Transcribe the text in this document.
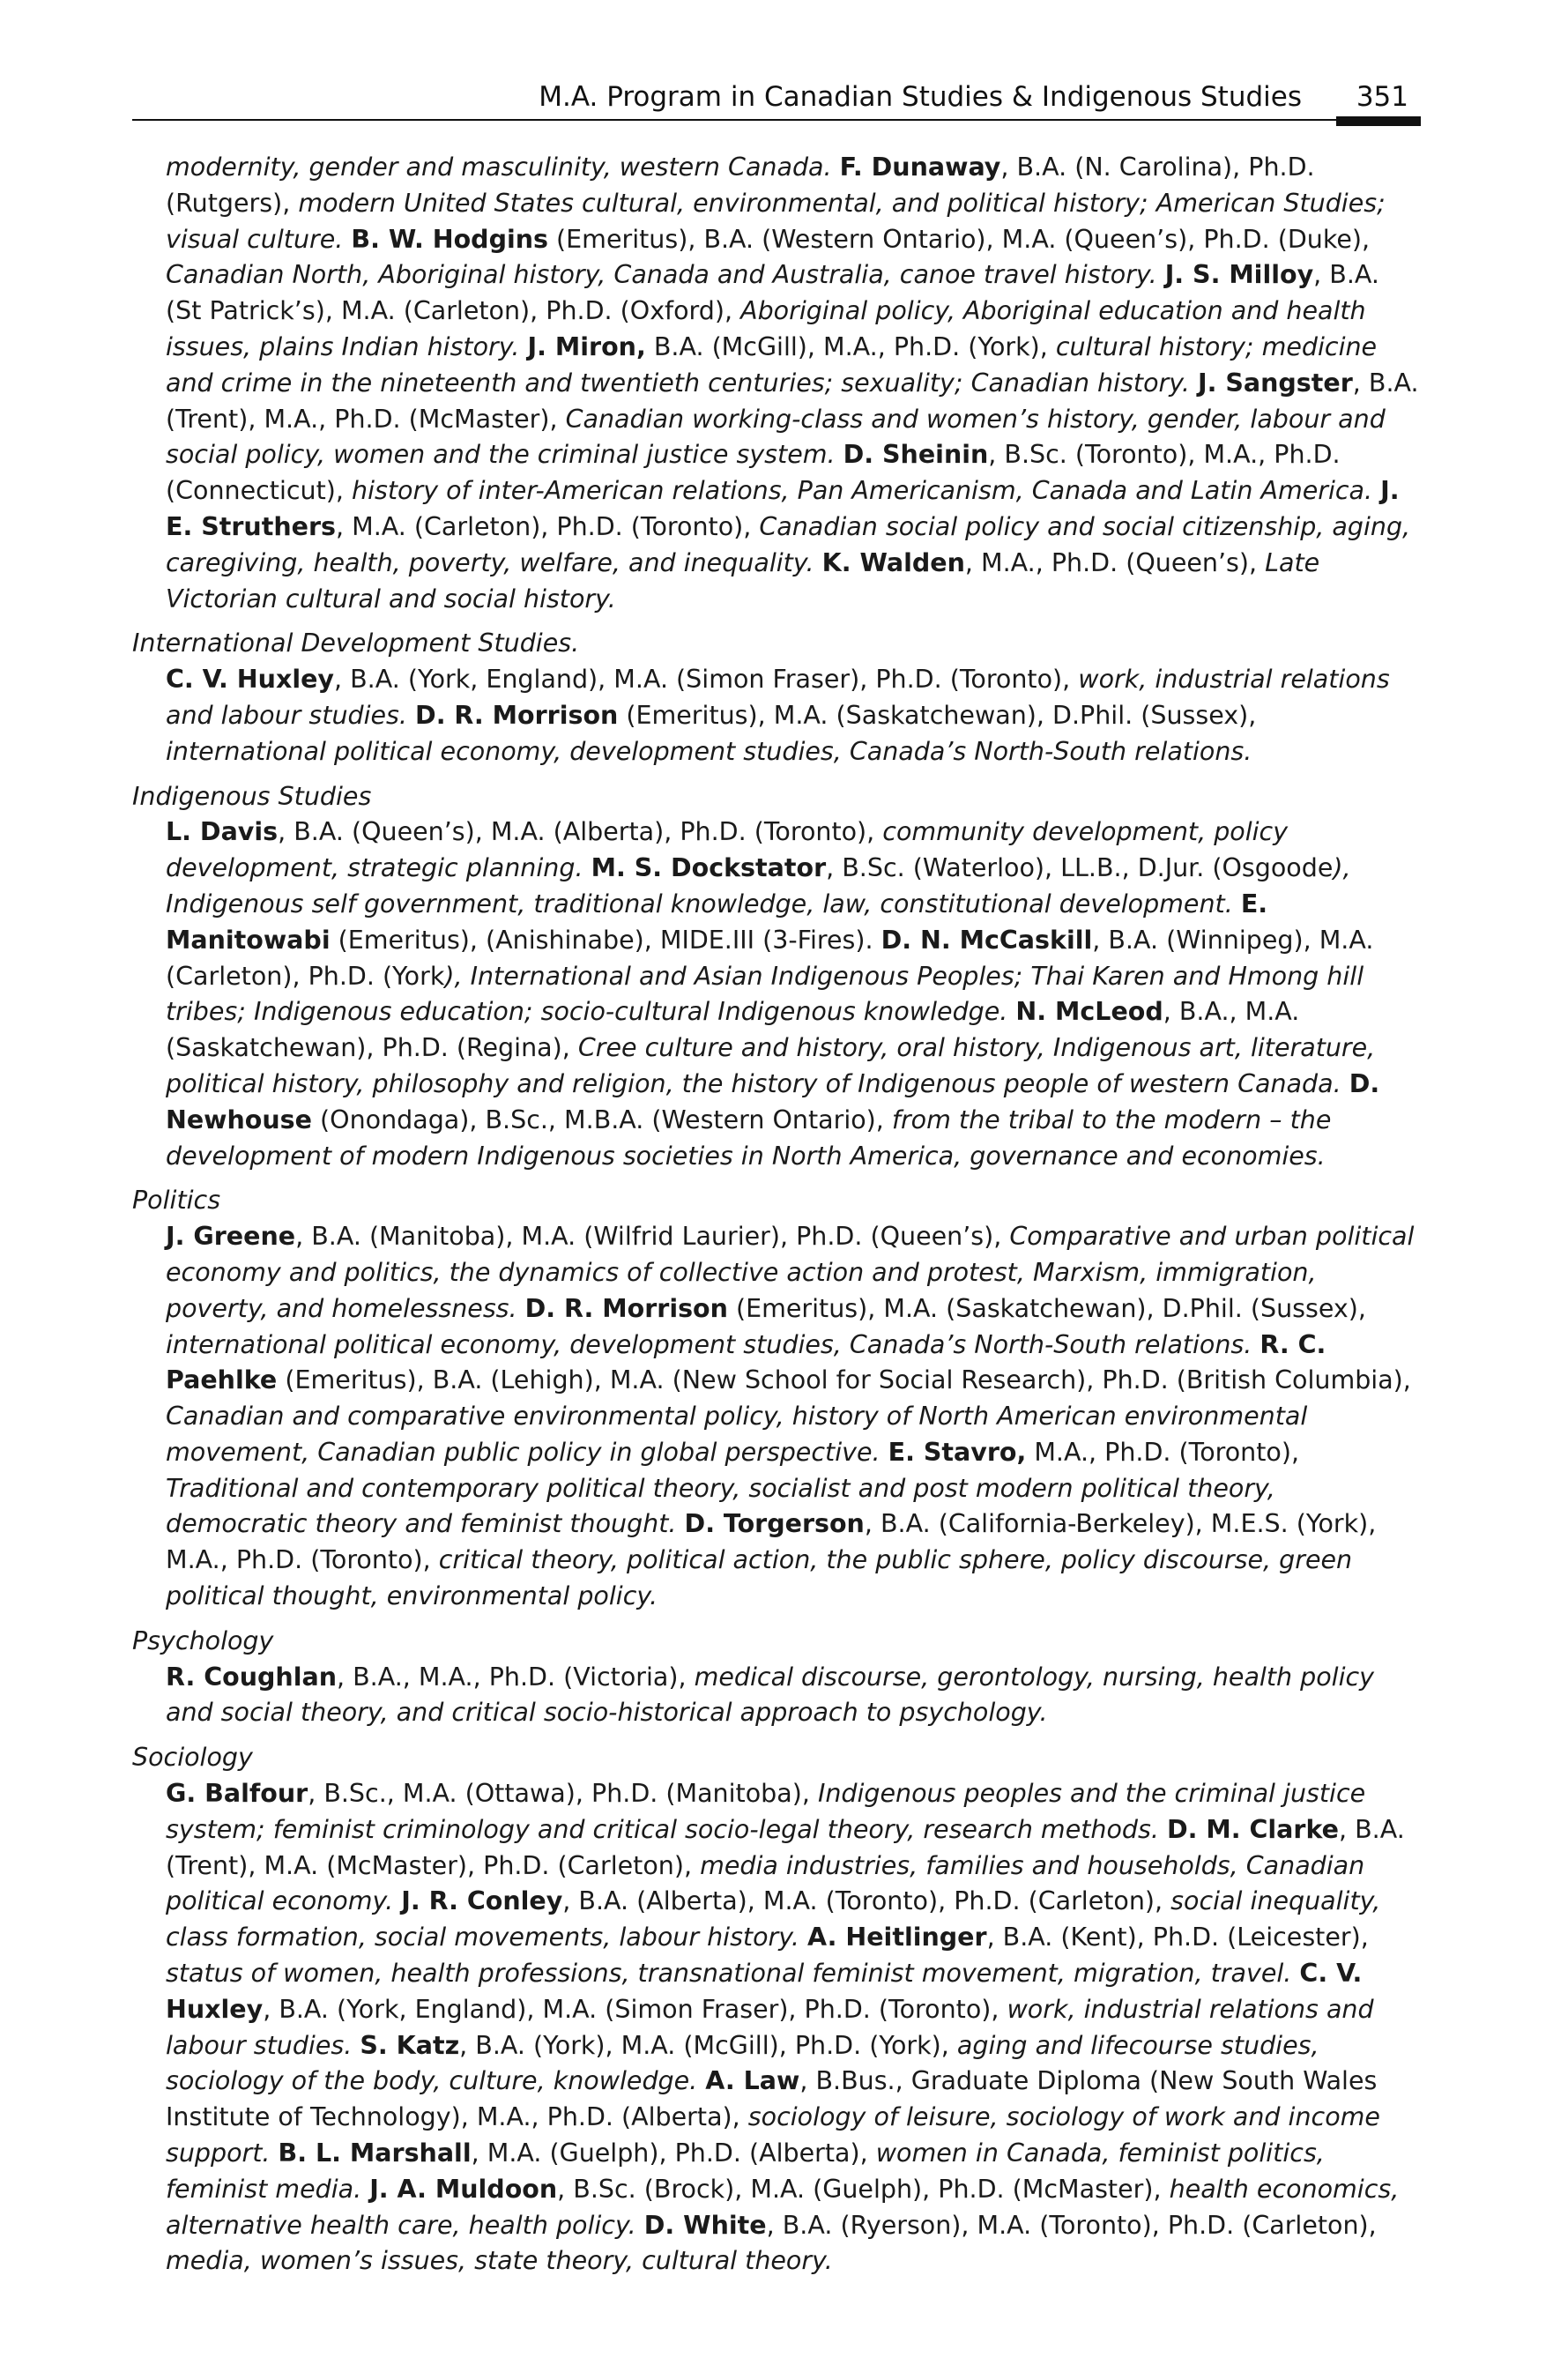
M.A. Program in Canadian Studies & Indigenous Studies 351

modernity, gender and masculinity, western Canada. F. Dunaway, B.A. (N. Carolina), Ph.D. (Rutgers), modern United States cultural, environmental, and political history; American Studies; visual culture. B. W. Hodgins (Emeritus), B.A. (Western Ontario), M.A. (Queen’s), Ph.D. (Duke), Canadian North, Aboriginal history, Canada and Australia, canoe travel history. J. S. Milloy, B.A. (St Patrick’s), M.A. (Carleton), Ph.D. (Oxford), Aboriginal policy, Aboriginal education and health issues, plains Indian history. J. Miron, B.A. (McGill), M.A., Ph.D. (York), cultural history; medicine and crime in the nineteenth and twentieth centuries; sexuality; Canadian history. J. Sangster, B.A. (Trent), M.A., Ph.D. (McMaster), Canadian working-class and women’s history, gender, labour and social policy, women and the criminal justice system. D. Sheinin, B.Sc. (Toronto), M.A., Ph.D. (Connecticut), history of inter-American relations, Pan Americanism, Canada and Latin America. J. E. Struthers, M.A. (Carleton), Ph.D. (Toronto), Canadian social policy and social citizenship, aging, caregiving, health, poverty, welfare, and inequality. K. Walden, M.A., Ph.D. (Queen’s), Late Victorian cultural and social history.

International Development Studies.

C. V. Huxley, B.A. (York, England), M.A. (Simon Fraser), Ph.D. (Toronto), work, industrial relations and labour studies. D. R. Morrison (Emeritus), M.A. (Saskatchewan), D.Phil. (Sussex), international political economy, development studies, Canada’s North-South relations.

Indigenous Studies

L. Davis, B.A. (Queen’s), M.A. (Alberta), Ph.D. (Toronto), community development, policy development, strategic planning. M. S. Dockstator, B.Sc. (Waterloo), LL.B., D.Jur. (Osgoode), Indigenous self government, traditional knowledge, law, constitutional development. E. Manitowabi (Emeritus), (Anishinabe), MIDE.III (3-Fires). D. N. McCaskill, B.A. (Winnipeg), M.A. (Carleton), Ph.D. (York), International and Asian Indigenous Peoples; Thai Karen and Hmong hill tribes; Indigenous education; socio-cultural Indigenous knowledge. N. McLeod, B.A., M.A. (Saskatchewan), Ph.D. (Regina), Cree culture and history, oral history, Indigenous art, literature, political history, philosophy and religion, the history of Indigenous people of western Canada. D. Newhouse (Onondaga), B.Sc., M.B.A. (Western Ontario), from the tribal to the modern – the development of modern Indigenous societies in North America, governance and economies.

Politics

J. Greene, B.A. (Manitoba), M.A. (Wilfrid Laurier), Ph.D. (Queen’s), Comparative and urban political economy and politics, the dynamics of collective action and protest, Marxism, immigration, poverty, and homelessness. D. R. Morrison (Emeritus), M.A. (Saskatchewan), D.Phil. (Sussex), international political economy, development studies, Canada’s North-South relations. R. C. Paehlke (Emeritus), B.A. (Lehigh), M.A. (New School for Social Research), Ph.D. (British Columbia), Canadian and comparative environmental policy, history of North American environmental movement, Canadian public policy in global perspective. E. Stavro, M.A., Ph.D. (Toronto), Traditional and contemporary political theory, socialist and post modern political theory, democratic theory and feminist thought. D. Torgerson, B.A. (California-Berkeley), M.E.S. (York), M.A., Ph.D. (Toronto), critical theory, political action, the public sphere, policy discourse, green political thought, environmental policy.

Psychology

R. Coughlan, B.A., M.A., Ph.D. (Victoria), medical discourse, gerontology, nursing, health policy and social theory, and critical socio-historical approach to psychology.

Sociology

G. Balfour, B.Sc., M.A. (Ottawa), Ph.D. (Manitoba), Indigenous peoples and the criminal justice system; feminist criminology and critical socio-legal theory, research methods. D. M. Clarke, B.A. (Trent), M.A. (McMaster), Ph.D. (Carleton), media industries, families and households, Canadian political economy. J. R. Conley, B.A. (Alberta), M.A. (Toronto), Ph.D. (Carleton), social inequality, class formation, social movements, labour history. A. Heitlinger, B.A. (Kent), Ph.D. (Leicester), status of women, health professions, transnational feminist movement, migration, travel. C. V. Huxley, B.A. (York, England), M.A. (Simon Fraser), Ph.D. (Toronto), work, industrial relations and labour studies. S. Katz, B.A. (York), M.A. (McGill), Ph.D. (York), aging and lifecourse studies, sociology of the body, culture, knowledge. A. Law, B.Bus., Graduate Diploma (New South Wales Institute of Technology), M.A., Ph.D. (Alberta), sociology of leisure, sociology of work and income support. B. L. Marshall, M.A. (Guelph), Ph.D. (Alberta), women in Canada, feminist politics, feminist media. J. A. Muldoon, B.Sc. (Brock), M.A. (Guelph), Ph.D. (McMaster), health economics, alternative health care, health policy. D. White, B.A. (Ryerson), M.A. (Toronto), Ph.D. (Carleton), media, women’s issues, state theory, cultural theory.
